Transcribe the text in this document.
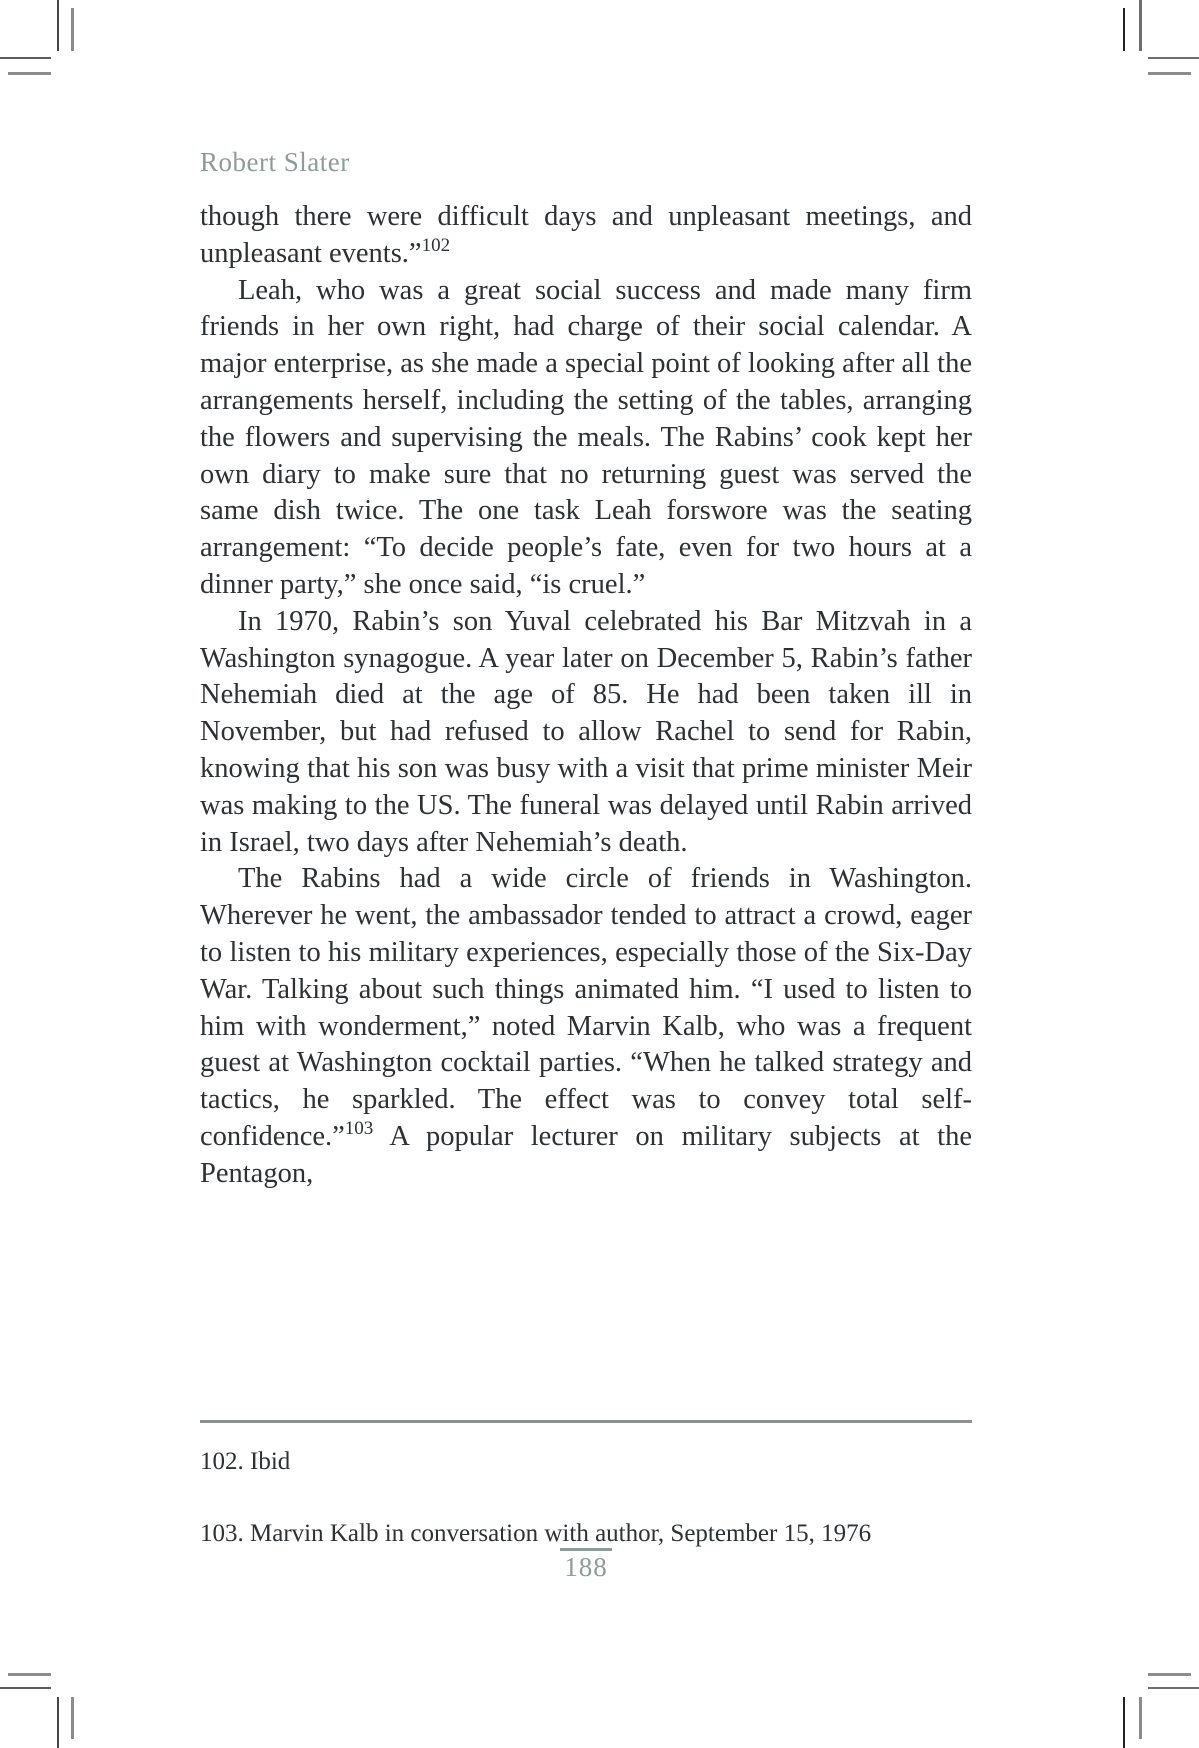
Robert Slater

though there were difficult days and unpleasant meetings, and unpleasant events.”$^{102}$

Leah, who was a great social success and made many firm friends in her own right, had charge of their social calendar. A major enterprise, as she made a special point of looking after all the arrangements herself, including the setting of the tables, arranging the flowers and supervising the meals. The Rabins’ cook kept her own diary to make sure that no returning guest was served the same dish twice. The one task Leah forswore was the seating arrangement: “To decide people’s fate, even for two hours at a dinner party,” she once said, “is cruel.”

In 1970, Rabin’s son Yuval celebrated his Bar Mitzvah in a Washington synagogue. A year later on December 5, Rabin’s father Nehemiah died at the age of 85. He had been taken ill in November, but had refused to allow Rachel to send for Rabin, knowing that his son was busy with a visit that prime minister Meir was making to the US. The funeral was delayed until Rabin arrived in Israel, two days after Nehemiah’s death.

The Rabins had a wide circle of friends in Washington. Wherever he went, the ambassador tended to attract a crowd, eager to listen to his military experiences, especially those of the Six-Day War. Talking about such things animated him. “I used to listen to him with wonderment,” noted Marvin Kalb, who was a frequent guest at Washington cocktail parties. “When he talked strategy and tactics, he sparkled. The effect was to convey total self-confidence.”$^{103}$ A popular lecturer on military subjects at the Pentagon,

102. Ibid
103. Marvin Kalb in conversation with author, September 15, 1976
188
